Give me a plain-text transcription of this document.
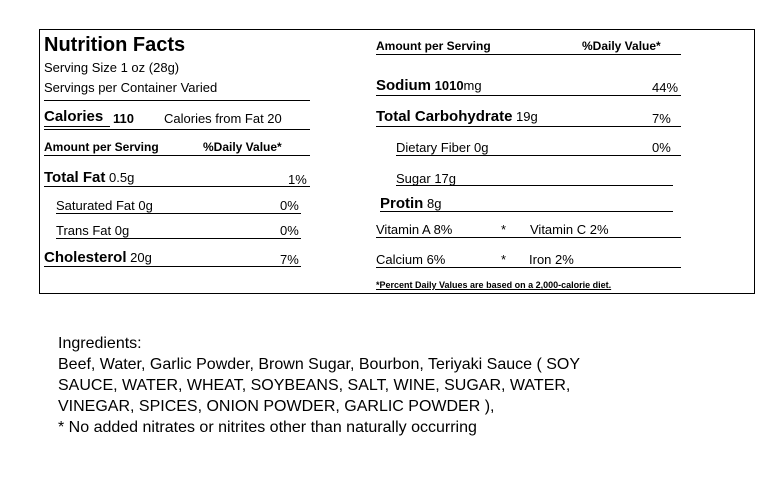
Nutrition Facts
Serving Size 1 oz (28g)
Servings per Container Varied
Calories 110 Calories from Fat 20
Amount per Serving	%Daily Value*
Total Fat 0.5g	1%
Saturated Fat 0g	0%
Trans Fat 0g	0%
Cholesterol 20g	7%
Amount per Serving	%Daily Value*
Sodium 1010mg	44%
Total Carbohydrate 19g	7%
Dietary Fiber 0g	0%
Sugar 17g
Protin 8g
Vitamin A 8%	* Vitamin C 2%
Calcium 6%	* Iron 2%
*Percent Daily Values are based on a 2,000-calorie diet.
Ingredients:
Beef, Water, Garlic Powder, Brown Sugar, Bourbon, Teriyaki Sauce ( SOY
SAUCE, WATER, WHEAT, SOYBEANS, SALT, WINE, SUGAR, WATER,
VINEGAR, SPICES, ONION POWDER, GARLIC POWDER ),
* No added nitrates or nitrites other than naturally occurring
